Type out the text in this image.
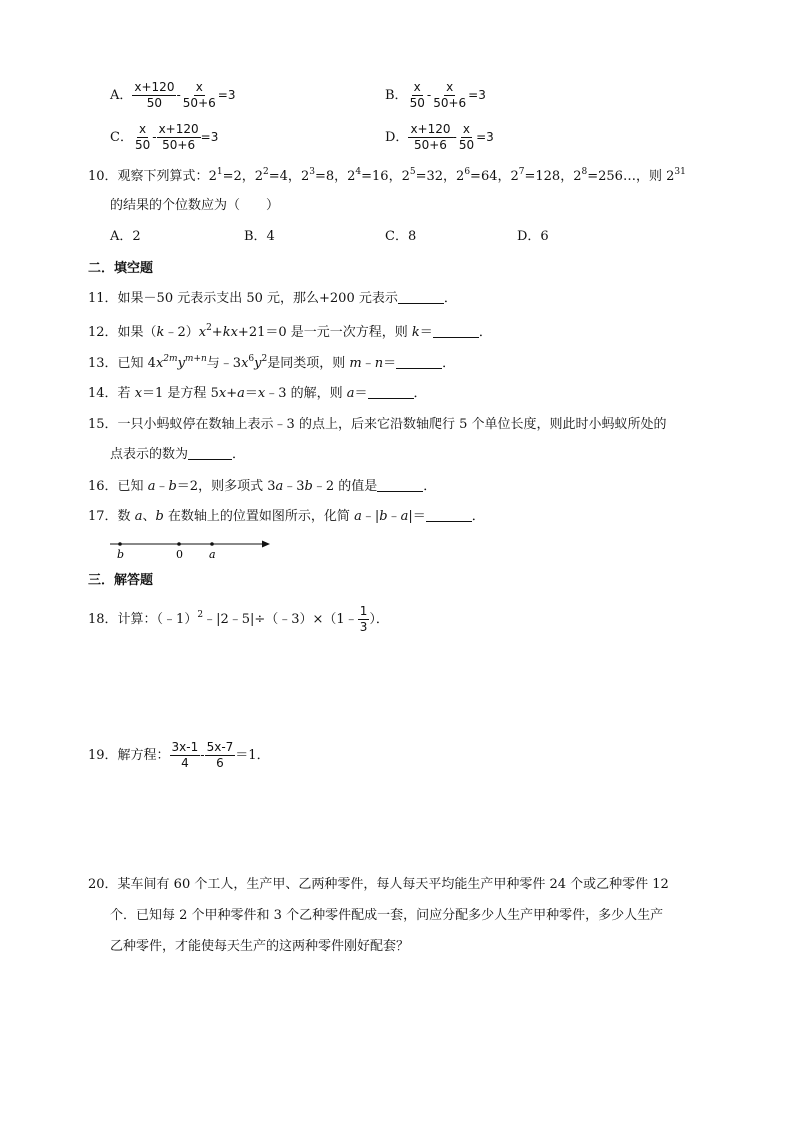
A． $\frac{x+120}{50} - \frac{x}{50+6} =3$	B． $\frac{x}{50} - \frac{x}{50+6} =3$
C． $\frac{x}{50} - \frac{x+120}{50+6} =3$	D． $\frac{x+120}{50+6} - \frac{x}{50} =3$
10．观察下列算式：$2^1=2$，$2^2=4$，$2^3=8$，$2^4=16$，$2^5=32$，$2^6=64$，$2^7=128$，$2^8=256\dots$，则 $2^{31}$
的结果的个位数应为（　　）
A．2	B．4	C．8	D．6
二．填空题
11．如果－50 元表示支出 50 元，那么+200 元表示	．
12．如果$(k﹣2)x^2+kx+21=0$ 是一元一次方程，则 k＝	．
13．已知 $4x^{2m}y^{m+n}$与$﹣3x^6y^2$是同类项，则 m﹣n＝	．
14．若 x＝1 是方程 5x+a＝x﹣3 的解，则 a＝	．
15．一只小蚂蚁停在数轴上表示﹣3 的点上，后来它沿数轴爬行 5 个单位长度，则此时小蚂蚁所处的
点表示的数为	．
16．已知 a﹣b＝2，则多项式 3a﹣3b﹣2 的值是	．
17．数 a、b 在数轴上的位置如图所示，化简 a﹣|b﹣a|＝	．
b	0 a
三．解答题
18．计算：（﹣1）$^2$﹣|2﹣5|÷（﹣3）×（1﹣ $\frac{1}{3}$ ）．
19．解方程： $\frac{3x-1}{4} - \frac{5x-7}{6} =1$．
20．某车间有 60 个工人，生产甲、乙两种零件，每人每天平均能生产甲种零件 24 个或乙种零件 12
个．已知每 2 个甲种零件和 3 个乙种零件配成一套，问应分配多少人生产甲种零件，多少人生产
乙种零件，才能使每天生产的这两种零件刚好配套？
